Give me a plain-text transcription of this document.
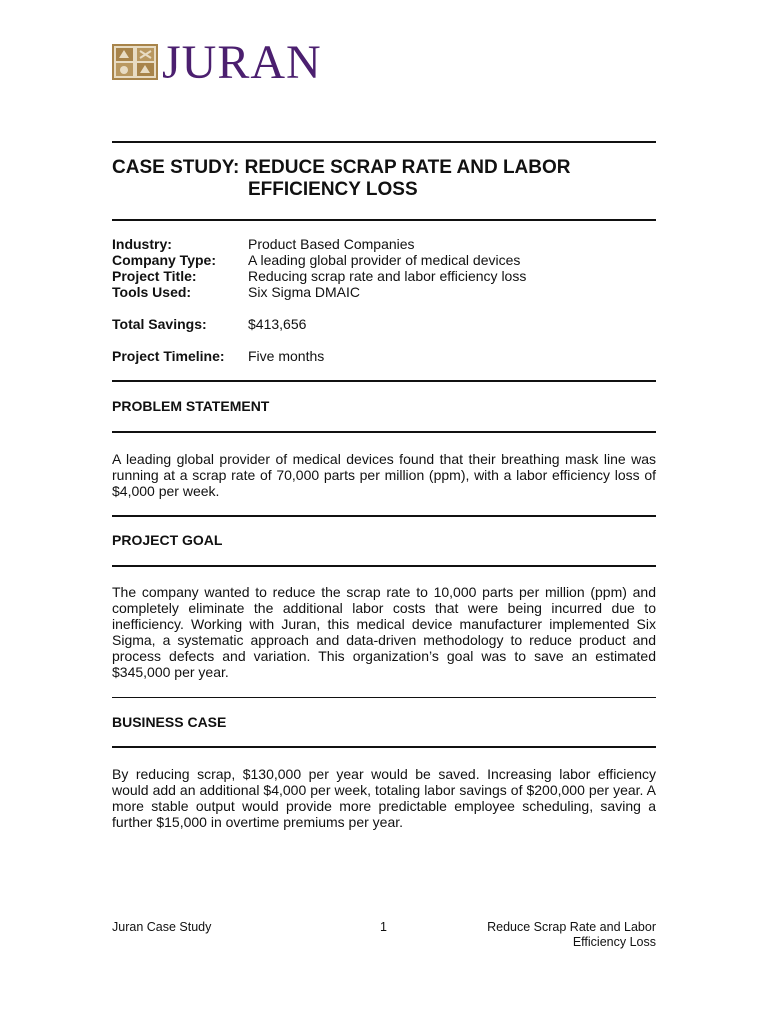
JURAN
CASE STUDY: REDUCE SCRAP RATE AND LABOR
EFFICIENCY LOSS
Industry:	Product Based Companies
Company Type:	A leading global provider of medical devices
Project Title:	Reducing scrap rate and labor efficiency loss
Tools Used:	Six Sigma DMAIC
Total Savings:	$413,656
Project Timeline:	Five months
PROBLEM STATEMENT
A leading global provider of medical devices found that their breathing mask line was running at a scrap rate of 70,000 parts per million (ppm), with a labor efficiency loss of $4,000 per week.
PROJECT GOAL
The company wanted to reduce the scrap rate to 10,000 parts per million (ppm) and completely eliminate the additional labor costs that were being incurred due to inefficiency. Working with Juran, this medical device manufacturer implemented Six Sigma, a systematic approach and data-driven methodology to reduce product and process defects and variation. This organization’s goal was to save an estimated $345,000 per year.
BUSINESS CASE
By reducing scrap, $130,000 per year would be saved. Increasing labor efficiency would add an additional $4,000 per week, totaling labor savings of $200,000 per year. A more stable output would provide more predictable employee scheduling, saving a further $15,000 in overtime premiums per year.
Juran Case Study	1	Reduce Scrap Rate and Labor
Efficiency Loss
